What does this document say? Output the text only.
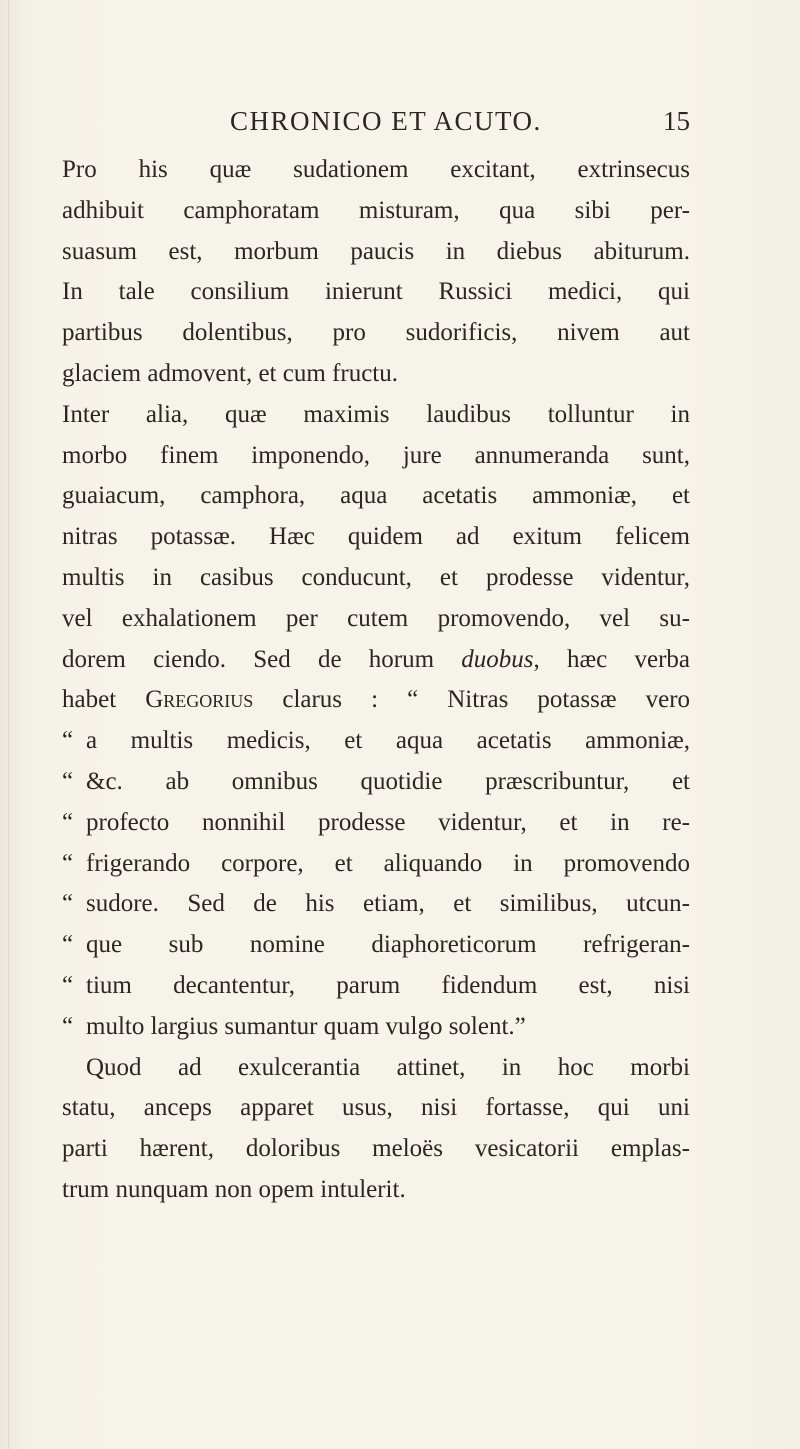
CHRONICO ET ACUTO.	15
Pro his quæ sudationem excitant, extrinsecus
adhibuit camphoratam misturam, qua sibi per-
suasum est, morbum paucis in diebus abiturum.
In tale consilium inierunt Russici medici, qui
partibus dolentibus, pro sudorificis, nivem aut
glaciem admovent, et cum fructu.
Inter alia, quæ maximis laudibus tolluntur in
morbo finem imponendo, jure annumeranda sunt,
guaiacum, camphora, aqua acetatis ammoniæ, et
nitras potassæ. Hæc quidem ad exitum felicem
multis in casibus conducunt, et prodesse videntur,
vel exhalationem per cutem promovendo, vel su-
dorem ciendo. Sed de horum duobus, hæc verba
habet Gregorius clarus : “ Nitras potassæ vero
“ a multis medicis, et aqua acetatis ammoniæ,
“ &c. ab omnibus quotidie præscribuntur, et
“ profecto nonnihil prodesse videntur, et in re-
“ frigerando corpore, et aliquando in promovendo
“ sudore. Sed de his etiam, et similibus, utcun-
“ que sub nomine diaphoreticorum refrigeran-
“ tium decantentur, parum fidendum est, nisi
“ multo largius sumantur quam vulgo solent.”
Quod ad exulcerantia attinet, in hoc morbi
statu, anceps apparet usus, nisi fortasse, qui uni
parti hærent, doloribus meloës vesicatorii emplas-
trum nunquam non opem intulerit.
